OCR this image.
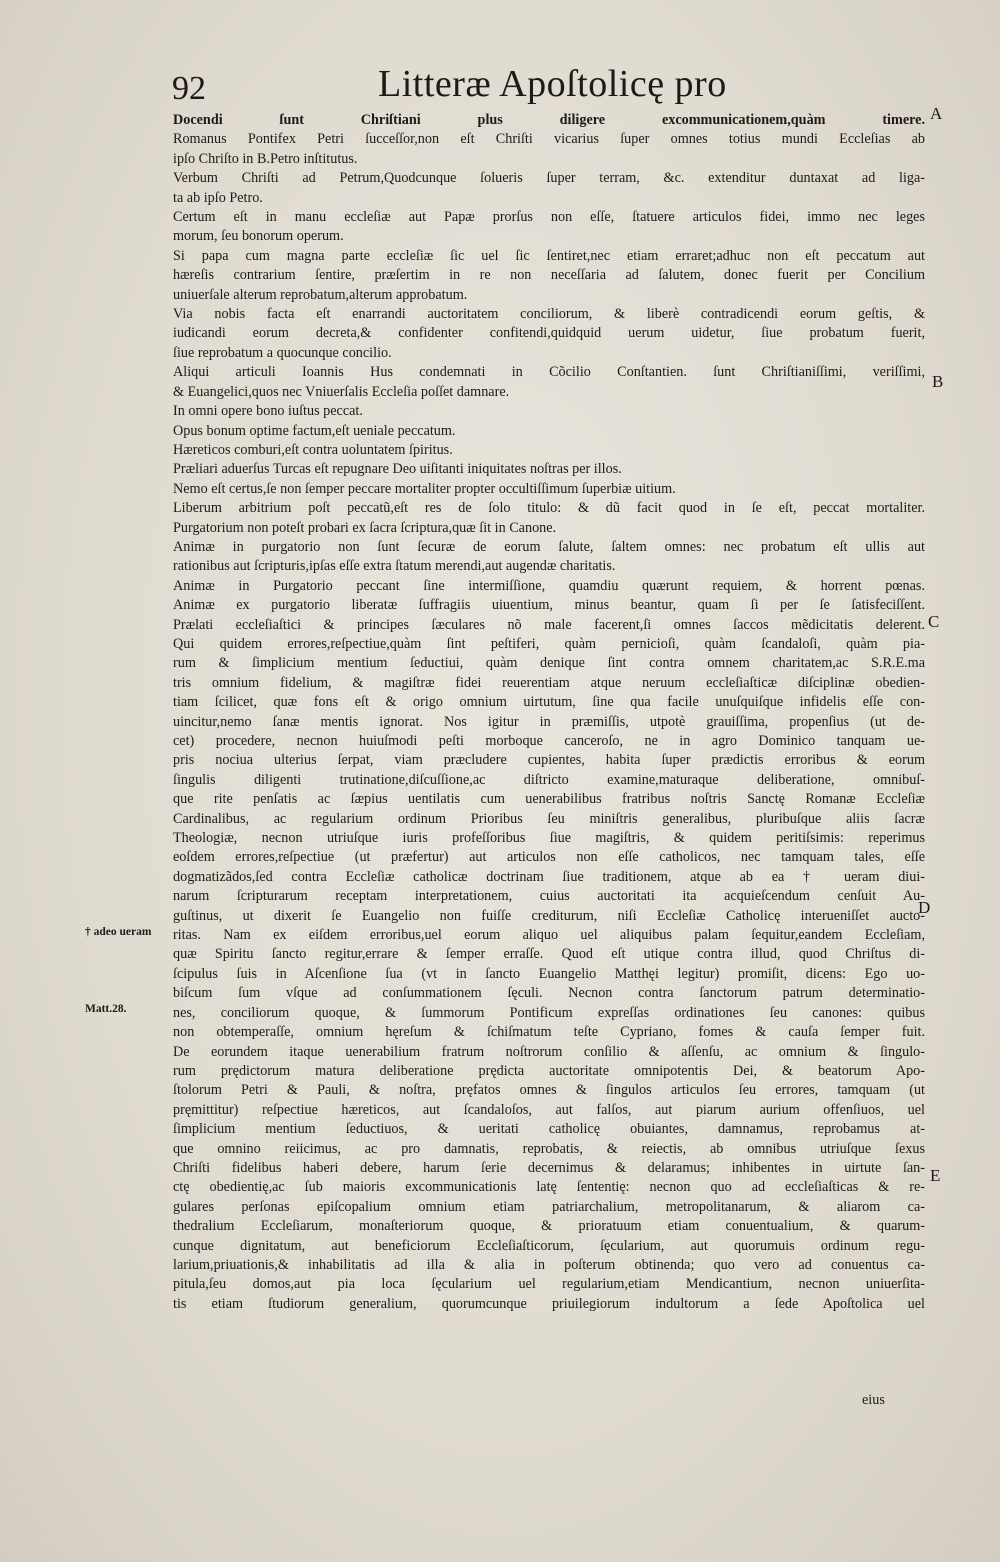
92	Litteræ Apoſtolicę pro
Docendi ſunt Chriſtiani plus diligere excommunicationem,quàm timere.
Romanus Pontifex Petri ſucceſſor,non eſt Chriſti vicarius ſuper omnes totius mundi Eccleſias ab
ipſo Chriſto in B.Petro inſtitutus.
Verbum Chriſti ad Petrum,Quodcunque ſolueris ſuper terram, &c. extenditur duntaxat ad liga-
ta ab ipſo Petro.
Certum eſt in manu eccleſiæ aut Papæ prorſus non eſſe, ſtatuere articulos fidei, immo nec leges
morum, ſeu bonorum operum.
Si papa cum magna parte eccleſiæ ſic uel ſic ſentiret,nec etiam erraret;adhuc non eſt peccatum aut
hæreſis contrarium ſentire, præſertim in re non neceſſaria ad ſalutem, donec fuerit per Concilium
uniuerſale alterum reprobatum,alterum approbatum.
Via nobis facta eſt enarrandi auctoritatem conciliorum, & liberè contradicendi eorum geſtis, &
iudicandi eorum decreta,& confidenter confitendi,quidquid uerum uidetur, ſiue probatum fuerit,
ſiue reprobatum a quocunque concilio.
Aliqui articuli Ioannis Hus condemnati in Cõcilio Conſtantien. ſunt Chriſtianiſſimi, veriſſimi,
& Euangelici,quos nec Vniuerſalis Eccleſia poſſet damnare.
In omni opere bono iuſtus peccat.
Opus bonum optime factum,eſt ueniale peccatum.
Hæreticos comburi,eſt contra uoluntatem ſpiritus.
Præliari aduerſus Turcas eſt repugnare Deo uiſitanti iniquitates noſtras per illos.
Nemo eſt certus,ſe non ſemper peccare mortaliter propter occultiſſimum ſuperbiæ uitium.
Liberum arbitrium poſt peccatũ,eſt res de ſolo titulo: & dũ facit quod in ſe eſt, peccat mortaliter.
Purgatorium non poteſt probari ex ſacra ſcriptura,quæ ſit in Canone.
Animæ in purgatorio non ſunt ſecuræ de eorum ſalute, ſaltem omnes: nec probatum eſt ullis aut
rationibus aut ſcripturis,ipſas eſſe extra ſtatum merendi,aut augendæ charitatis.
Animæ in Purgatorio peccant ſine intermiſſione, quamdiu quærunt requiem, & horrent pœnas.
Animæ ex purgatorio liberatæ ſuffragiis uiuentium, minus beantur, quam ſi per ſe ſatisfeciſſent.
Prælati eccleſiaſtici & principes ſæculares nõ male facerent,ſi omnes ſaccos mẽdicitatis delerent.
Qui quidem errores,reſpectiue,quàm ſint peſtiferi, quàm pernicioſi, quàm ſcandaloſi, quàm pia-
rum & ſimplicium mentium ſeductiui, quàm denique ſint contra omnem charitatem,ac S.R.E.ma
tris omnium fidelium, & magiſtræ fidei reuerentiam atque neruum eccleſiaſticæ diſciplinæ obedien-
tiam ſcilicet, quæ fons eſt & origo omnium uirtutum, ſine qua facile unuſquiſque infidelis eſſe con-
uincitur,nemo ſanæ mentis ignorat. Nos igitur in præmiſſis, utpotè grauiſſima, propenſius (ut de-
cet) procedere, necnon huiuſmodi peſti morboque canceroſo, ne in agro Dominico tanquam ue-
pris nociua ulterius ſerpat, viam præcludere cupientes, habita ſuper prædictis erroribus & eorum
ſingulis diligenti trutinatione,diſcuſſione,ac diſtricto examine,maturaque deliberatione, omnibuſ-
que rite penſatis ac ſæpius uentilatis cum uenerabilibus fratribus noſtris Sanctę Romanæ Eccleſiæ
Cardinalibus, ac regularium ordinum Prioribus ſeu miniſtris generalibus, pluribuſque aliis ſacræ
Theologiæ, necnon utriuſque iuris profeſſoribus ſiue magiſtris, & quidem peritiſsimis: reperimus
eoſdem errores,reſpectiue (ut præfertur) aut articulos non eſſe catholicos, nec tamquam tales, eſſe
dogmatizãdos,ſed contra Eccleſiæ catholicæ doctrinam ſiue traditionem, atque ab ea † ueram diui-
narum ſcripturarum receptam interpretationem, cuius auctoritati ita acquieſcendum cenſuit Au-
guſtinus, ut dixerit ſe Euangelio non fuiſſe crediturum, niſi Eccleſiæ Catholicę interueniſſet aucto-
ritas. Nam ex eiſdem erroribus,uel eorum aliquo uel aliquibus palam ſequitur,eandem Eccleſiam,
quæ Spiritu ſancto regitur,errare & ſemper erraſſe. Quod eſt utique contra illud, quod Chriſtus di-
ſcipulus ſuis in Aſcenſione ſua (vt in ſancto Euangelio Matthęi legitur) promiſit, dicens: Ego uo-
biſcum ſum vſque ad conſummationem ſęculi. Necnon contra ſanctorum patrum determinatio-
nes, conciliorum quoque, & ſummorum Pontificum expreſſas ordinationes ſeu canones: quibus
non obtemperaſſe, omnium hęreſum & ſchiſmatum teſte Cypriano, fomes & cauſa ſemper fuit.
De eorundem itaque uenerabilium fratrum noſtrorum conſilio & aſſenſu, ac omnium & ſingulo-
rum prędictorum matura deliberatione prędicta auctoritate omnipotentis Dei, & beatorum Apo-
ſtolorum Petri & Pauli, & noſtra, pręfatos omnes & ſingulos articulos ſeu errores, tamquam (ut
pręmittitur) reſpectiue hæreticos, aut ſcandaloſos, aut falſos, aut piarum aurium offenſiuos, uel
ſimplicium mentium ſeductiuos, & ueritati catholicę obuiantes, damnamus, reprobamus at-
que omnino reiicimus, ac pro damnatis, reprobatis, & reiectis, ab omnibus utriuſque ſexus
Chriſti fidelibus haberi debere, harum ſerie decernimus & delaramus; inhibentes in uirtute ſan-
ctę obedientię,ac ſub maioris excommunicationis latę ſententię: necnon quo ad eccleſiaſticas & re-
gulares perſonas epiſcopalium omnium etiam patriarchalium, metropolitanarum, & aliarom ca-
thedralium Eccleſiarum, monaſteriorum quoque, & prioratuum etiam conuentualium, & quarum-
cunque dignitatum, aut beneficiorum Eccleſiaſticorum, ſęcularium, aut quorumuis ordinum regu-
larium,priuationis,& inhabilitatis ad illa & alia in poſterum obtinenda; quo vero ad conuentus ca-
pitula,ſeu domos,aut pia loca ſęcularium uel regularium,etiam Mendicantium, necnon uniuerſita-
tis etiam ſtudiorum generalium, quorumcunque priuilegiorum indultorum a ſede Apoſtolica uel
A
B
C
D
E
† adeo ueram
Matt.28.
eius
